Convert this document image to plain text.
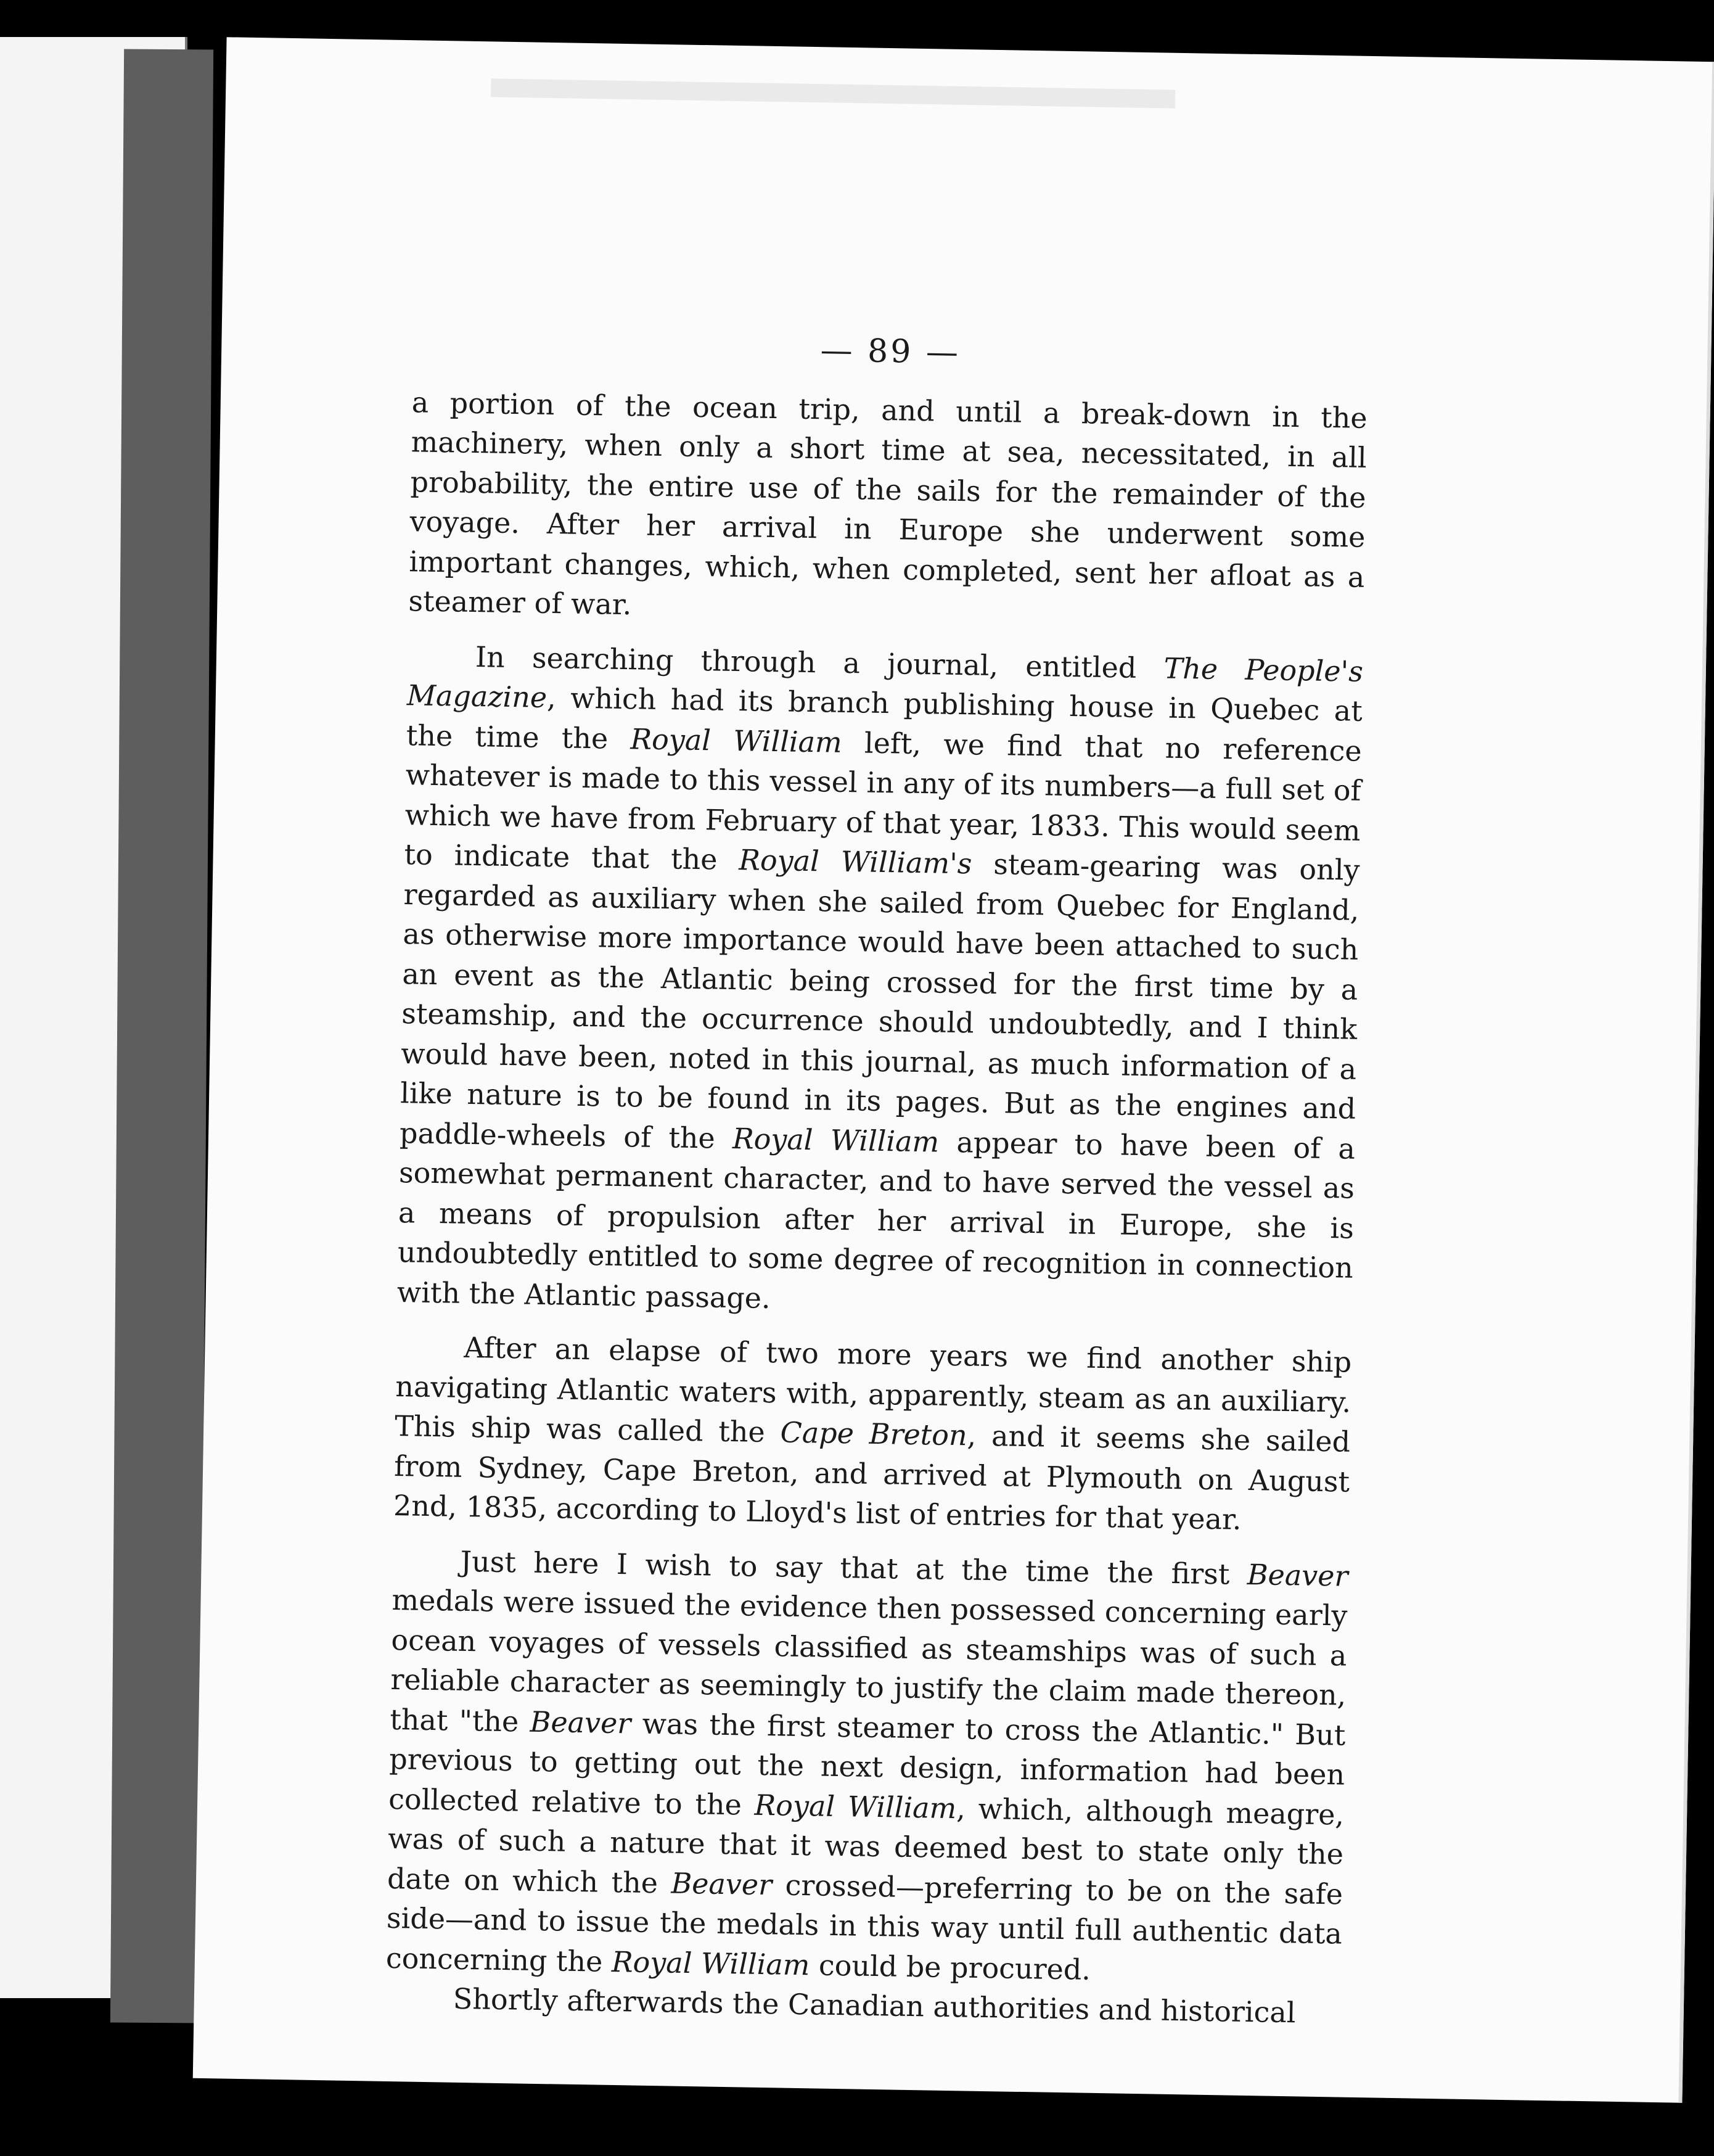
— 89 —

a portion of the ocean trip, and until a break-down in the machinery, when only a short time at sea, necessitated, in all probability, the entire use of the sails for the remainder of the voyage. After her arrival in Europe she underwent some important changes, which, when completed, sent her afloat as a steamer of war.

In searching through a journal, entitled The People's Magazine, which had its branch publishing house in Quebec at the time the Royal William left, we find that no reference whatever is made to this vessel in any of its numbers—a full set of which we have from February of that year, 1833. This would seem to indicate that the Royal William's steam-gearing was only regarded as auxiliary when she sailed from Quebec for England, as otherwise more importance would have been attached to such an event as the Atlantic being crossed for the first time by a steamship, and the occurrence should undoubtedly, and I think would have been, noted in this journal, as much information of a like nature is to be found in its pages. But as the engines and paddle-wheels of the Royal William appear to have been of a somewhat permanent character, and to have served the vessel as a means of propulsion after her arrival in Europe, she is undoubtedly entitled to some degree of recognition in connection with the Atlantic passage.

After an elapse of two more years we find another ship navigating Atlantic waters with, apparently, steam as an auxiliary. This ship was called the Cape Breton, and it seems she sailed from Sydney, Cape Breton, and arrived at Plymouth on August 2nd, 1835, according to Lloyd's list of entries for that year.

Just here I wish to say that at the time the first Beaver medals were issued the evidence then possessed concerning early ocean voyages of vessels classified as steamships was of such a reliable character as seemingly to justify the claim made thereon, that "the Beaver was the first steamer to cross the Atlantic." But previous to getting out the next design, information had been collected relative to the Royal William, which, although meagre, was of such a nature that it was deemed best to state only the date on which the Beaver crossed—preferring to be on the safe side—and to issue the medals in this way until full authentic data concerning the Royal William could be procured.

Shortly afterwards the Canadian authorities and historical
